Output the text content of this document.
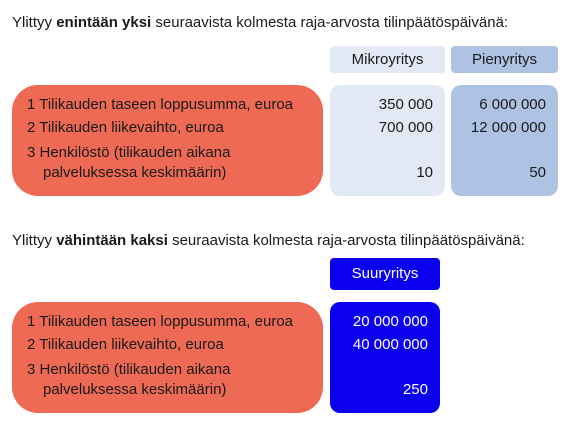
Ylittyy enintään yksi seuraavista kolmesta raja-arvosta tilinpäätöspäivänä:
Mikroyritys	Pienyritys
1 Tilikauden taseen loppusumma, euroa
2 Tilikauden liikevaihto, euroa
3 Henkilöstö (tilikauden aikana
palveluksessa keskimäärin)
350 000
700 000
10
6 000 000
12 000 000
50
Ylittyy vähintään kaksi seuraavista kolmesta raja-arvosta tilinpäätöspäivänä:
Suuryritys
1 Tilikauden taseen loppusumma, euroa
2 Tilikauden liikevaihto, euroa
3 Henkilöstö (tilikauden aikana
palveluksessa keskimäärin)
20 000 000
40 000 000
250
